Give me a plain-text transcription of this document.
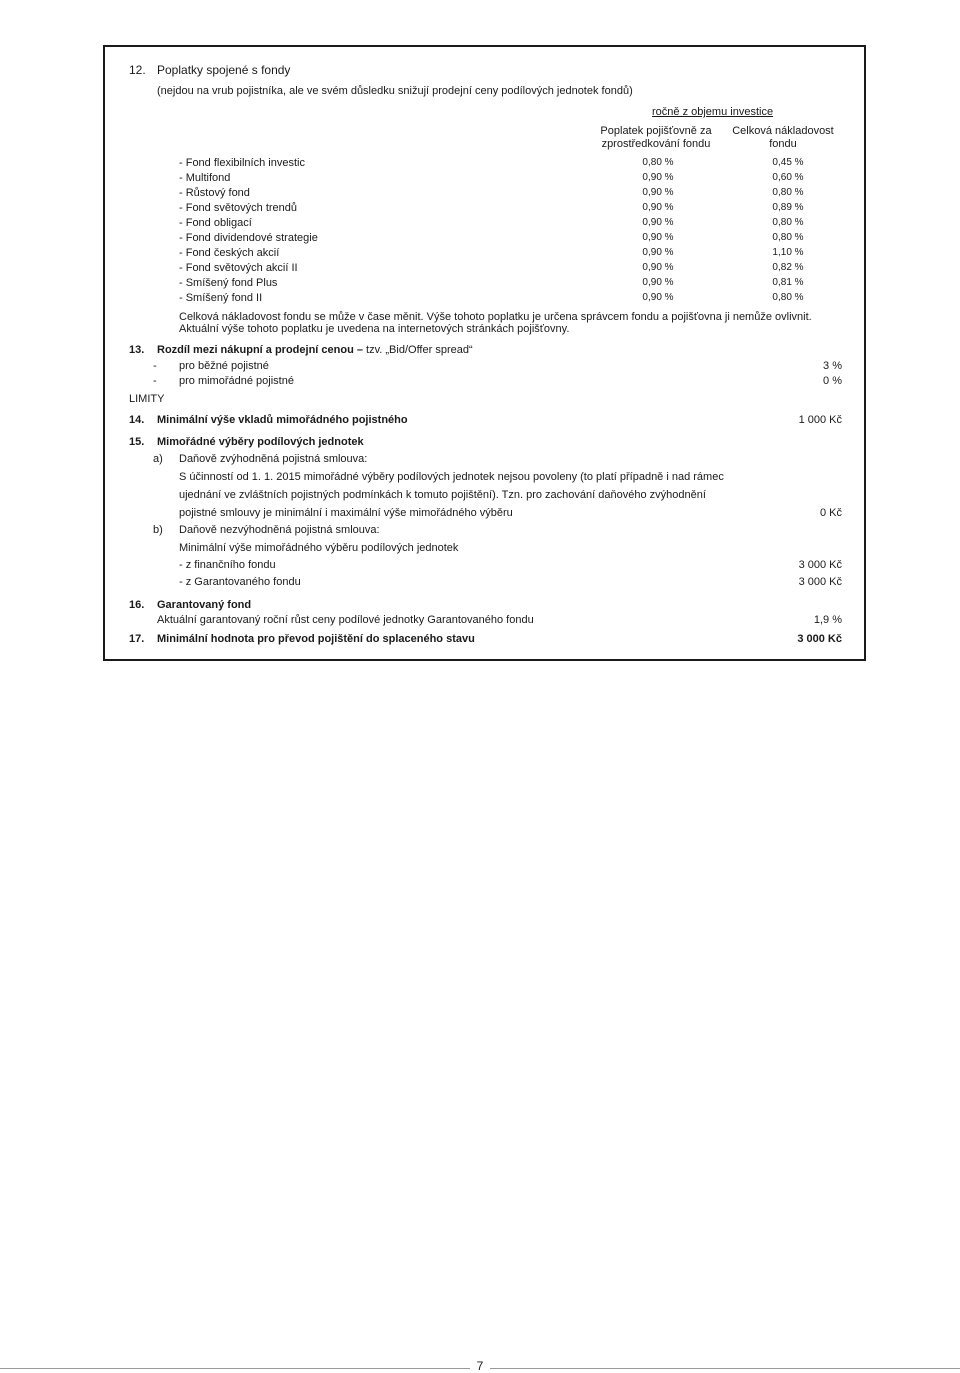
12. Poplatky spojené s fondy
(nejdou na vrub pojistníka, ale ve svém důsledku snižují prodejní ceny podílových jednotek fondů)
ročně z objemu investice
Poplatek pojišťovně za zprostředkování fondu
Celková nákladovost fondu
- Fond flexibilních investic	0,80 %	0,45 %
- Multifond	0,90 %	0,60 %
- Růstový fond	0,90 %	0,80 %
- Fond světových trendů	0,90 %	0,89 %
- Fond obligací	0,90 %	0,80 %
- Fond dividendové strategie	0,90 %	0,80 %
- Fond českých akcií	0,90 %	1,10 %
- Fond světových akcií II	0,90 %	0,82 %
- Smíšený fond Plus	0,90 %	0,81 %
- Smíšený fond II	0,90 %	0,80 %
Celková nákladovost fondu se může v čase měnit. Výše tohoto poplatku je určena správcem fondu a pojišťovna ji nemůže ovlivnit.
Aktuální výše tohoto poplatku je uvedena na internetových stránkách pojišťovny.
13. Rozdíl mezi nákupní a prodejní cenou – tzv. „Bid/Offer spread“
- pro běžné pojistné	3 %
- pro mimořádné pojistné	0 %
LIMITY
14. Minimální výše vkladů mimořádného pojistného	1 000 Kč
15. Mimořádné výběry podílových jednotek
a) Daňově zvýhodněná pojistná smlouva:
S účinností od 1. 1. 2015 mimořádné výběry podílových jednotek nejsou povoleny (to platí případně i nad rámec
ujednání ve zvláštních pojistných podmínkách k tomuto pojištění). Tzn. pro zachování daňového zvýhodnění
pojistné smlouvy je minimální i maximální výše mimořádného výběru	0 Kč
b) Daňově nezvýhodněná pojistná smlouva:
Minimální výše mimořádného výběru podílových jednotek
- z finančního fondu	3 000 Kč
- z Garantovaného fondu	3 000 Kč
16. Garantovaný fond
Aktuální garantovaný roční růst ceny podílové jednotky Garantovaného fondu	1,9 %
17. Minimální hodnota pro převod pojištění do splaceného stavu	3 000 Kč
7
